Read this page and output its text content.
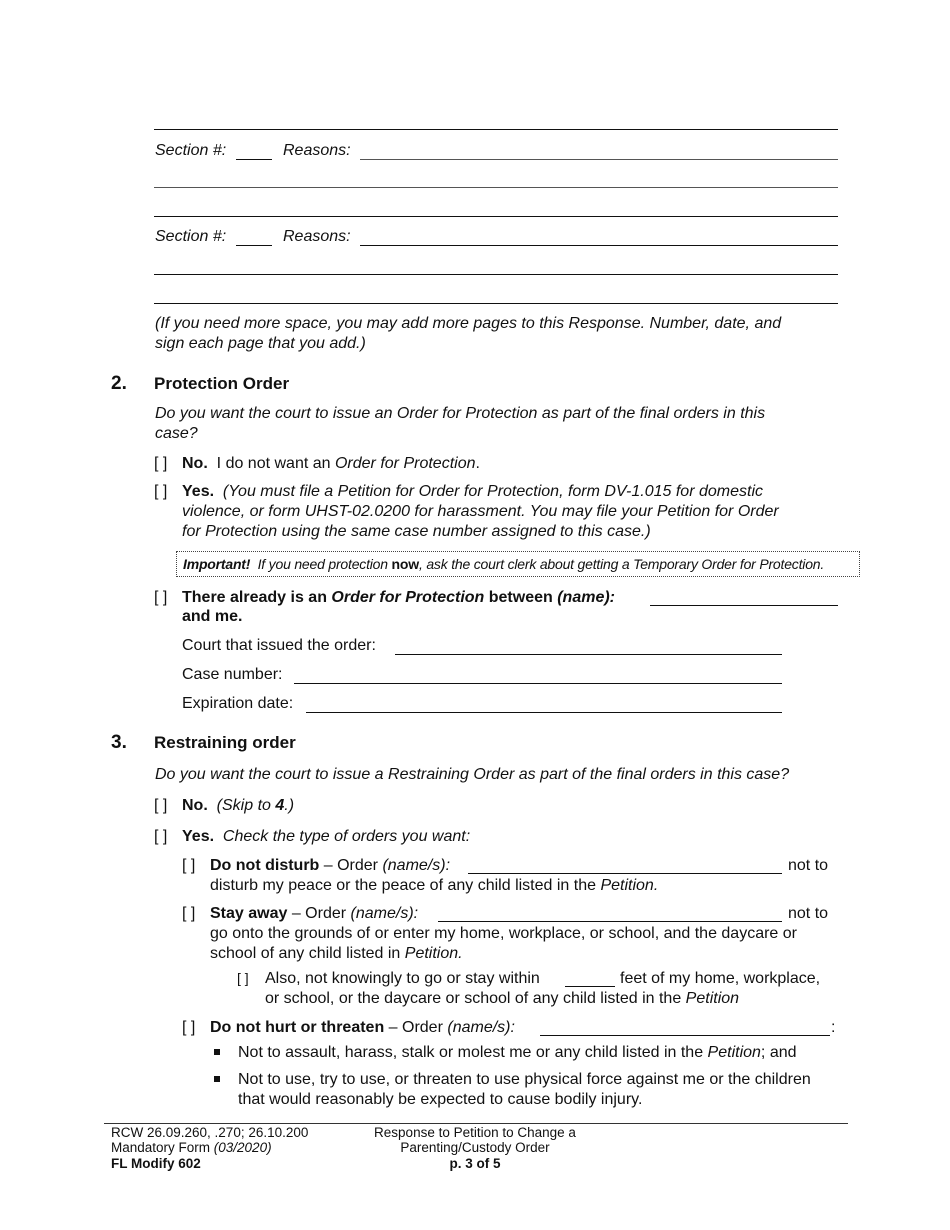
Section #:	Reasons:
Section #:	Reasons:
(If you need more space, you may add more pages to this Response. Number, date, and
sign each page that you add.)
2. Protection Order
Do you want the court to issue an Order for Protection as part of the final orders in this
case?
[ ] No. I do not want an Order for Protection.
[ ] Yes. (You must file a Petition for Order for Protection, form DV-1.015 for domestic
violence, or form UHST-02.0200 for harassment. You may file your Petition for Order
for Protection using the same case number assigned to this case.)
Important! If you need protection now, ask the court clerk about getting a Temporary Order for Protection.
[ ] There already is an Order for Protection between (name):
and me.
Court that issued the order:
Case number:
Expiration date:
3. Restraining order
Do you want the court to issue a Restraining Order as part of the final orders in this case?
[ ] No. (Skip to 4.)
[ ] Yes. Check the type of orders you want:
[ ] Do not disturb – Order (name/s):	not to
disturb my peace or the peace of any child listed in the Petition.
[ ] Stay away – Order (name/s):	not to
go onto the grounds of or enter my home, workplace, or school, and the daycare or
school of any child listed in Petition.
[ ] Also, not knowingly to go or stay within	feet of my home, workplace,
or school, or the daycare or school of any child listed in the Petition
[ ] Do not hurt or threaten – Order (name/s):	:
Not to assault, harass, stalk or molest me or any child listed in the Petition; and
Not to use, try to use, or threaten to use physical force against me or the children
that would reasonably be expected to cause bodily injury.
RCW 26.09.260, .270; 26.10.200
Mandatory Form (03/2020)
FL Modify 602
Response to Petition to Change a
Parenting/Custody Order
p. 3 of 5
